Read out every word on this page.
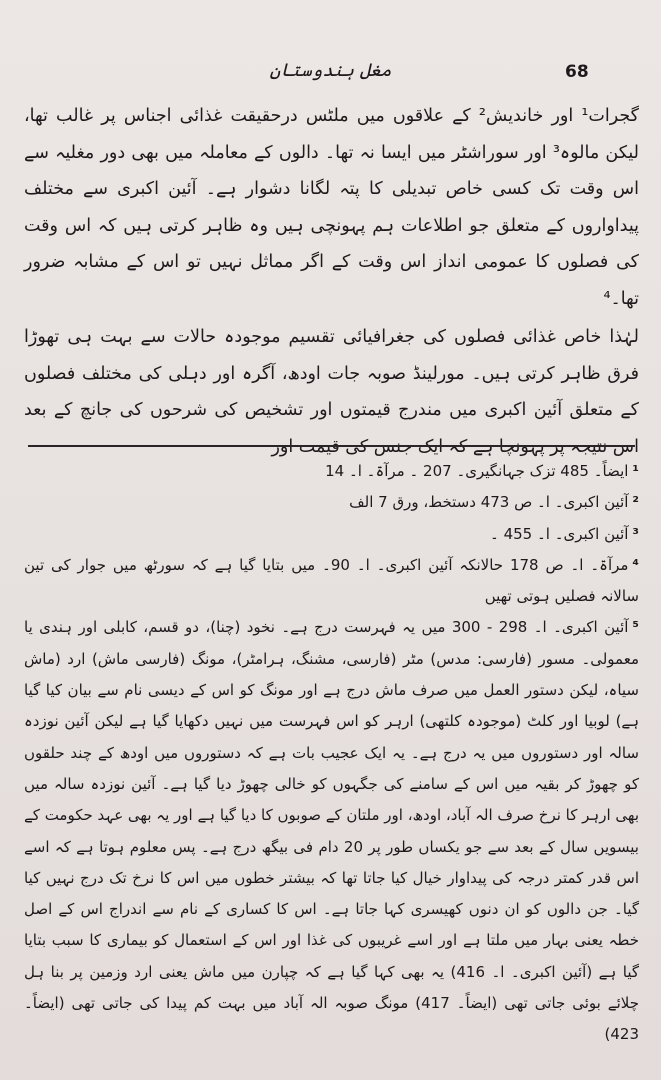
68
مغل ہندوستان

گجرات¹ اور خاندیش² کے علاقوں میں ملٹس درحقیقت غذائی اجناس پر غالب تھا، لیکن مالوہ³ اور سوراشٹر میں ایسا نہ تھا۔ دالوں کے معاملہ میں بھی دور مغلیہ سے اس وقت تک کسی خاص تبدیلی کا پتہ لگانا دشوار ہے۔ آئین اکبری سے مختلف پیداواروں کے متعلق جو اطلاعات ہم پہونچی ہیں وہ ظاہر کرتی ہیں کہ اس وقت کی فصلوں کا عمومی انداز اس وقت کے اگر مماثل نہیں تو اس کے مشابہ ضرور تھا۔⁴

لہٰذا خاص غذائی فصلوں کی جغرافیائی تقسیم موجودہ حالات سے بہت ہی تھوڑا فرق ظاہر کرتی ہیں۔ مورلینڈ صوبہ جات اودھ، آگرہ اور دہلی کی مختلف فصلوں کے متعلق آئین اکبری میں مندرج قیمتوں اور تشخیص کی شرحوں کی جانچ کے بعد اس نتیجہ پر پہونچا ہے کہ ایک جنس کی قیمت اور

¹ایضاً۔ 485 تزک جہانگیری۔ 207 ۔ مرآۃ۔ ا۔ 14

²آئین اکبری۔ ا۔ ص 473 دستخط، ورق 7 الف

³آئین اکبری۔ ا۔ 455 ۔

⁴مرآۃ۔ ا۔ ص 178 حالانکہ آئین اکبری۔ ا۔ 90۔ میں بتایا گیا ہے کہ سورٹھ میں جوار کی تین سالانہ فصلیں ہوتی تھیں

⁵آئین اکبری۔ ا۔ 298 - 300 میں یہ فہرست درج ہے۔ نخود (چنا)، دو قسم، کابلی اور ہندی یا معمولی۔ مسور (فارسی: مدس) مٹر (فارسی، مشنگ، ہرامٹر)، مونگ (فارسی ماش) ارد (ماش سیاہ، لیکن دستور العمل میں صرف ماش درج ہے اور مونگ کو اس کے دیسی نام سے بیان کیا گیا ہے) لوبیا اور کلٹ (موجودہ کلتھی) ارہر کو اس فہرست میں نہیں دکھایا گیا ہے لیکن آئین نوزدہ سالہ اور دستوروں میں یہ درج ہے۔ یہ ایک عجیب بات ہے کہ دستوروں میں اودھ کے چند حلقوں کو چھوڑ کر بقیہ میں اس کے سامنے کی جگہوں کو خالی چھوڑ دیا گیا ہے۔ آئین نوزدہ سالہ میں بھی ارہر کا نرخ صرف الہ آباد، اودھ، اور ملتان کے صوبوں کا دیا گیا ہے اور یہ بھی عہد حکومت کے بیسویں سال کے بعد سے جو یکساں طور پر 20 دام فی بیگھ درج ہے۔ پس معلوم ہوتا ہے کہ اسے اس قدر کمتر درجہ کی پیداوار خیال کیا جاتا تھا کہ بیشتر خطوں میں اس کا نرخ تک درج نہیں کیا گیا۔ جن دالوں کو ان دنوں کھیسری کہا جاتا ہے۔ اس کا کساری کے نام سے اندراج اس کے اصل خطہ یعنی بہار میں ملتا ہے اور اسے غریبوں کی غذا اور اس کے استعمال کو بیماری کا سبب بتایا گیا ہے (آئین اکبری۔ ا۔ 416) یہ بھی کہا گیا ہے کہ چپارن میں ماش یعنی ارد وزمین پر بنا ہل چلائے بوئی جاتی تھی (ایضاً۔ 417) مونگ صوبہ الہ آباد میں بہت کم پیدا کی جاتی تھی (ایضاً۔ 423)
